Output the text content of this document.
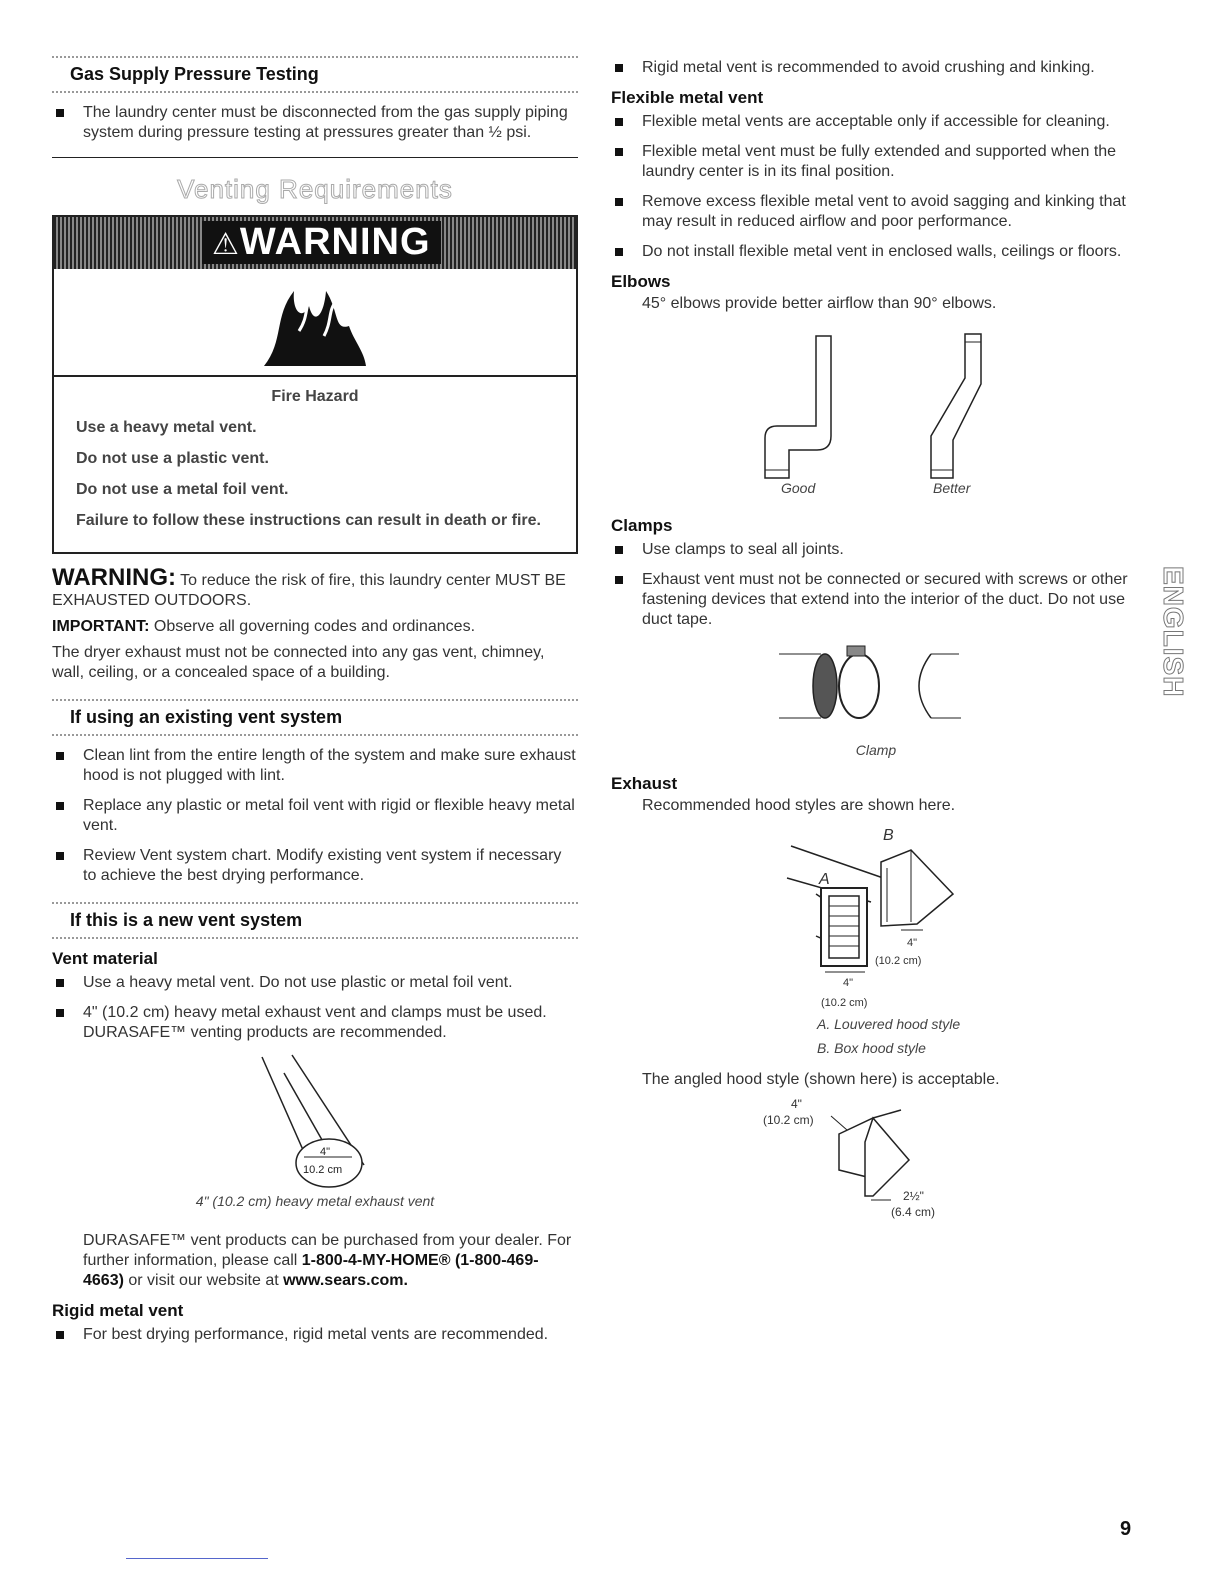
Gas Supply Pressure Testing
The laundry center must be disconnected from the gas supply piping system during pressure testing at pressures greater than ½ psi.
Venting Requirements
⚠WARNING
Fire Hazard
Use a heavy metal vent.
Do not use a plastic vent.
Do not use a metal foil vent.
Failure to follow these instructions can result in death or fire.
WARNING: To reduce the risk of fire, this laundry center MUST BE EXHAUSTED OUTDOORS.
IMPORTANT: Observe all governing codes and ordinances.
The dryer exhaust must not be connected into any gas vent, chimney, wall, ceiling, or a concealed space of a building.
If using an existing vent system
Clean lint from the entire length of the system and make sure exhaust hood is not plugged with lint.
Replace any plastic or metal foil vent with rigid or flexible heavy metal vent.
Review Vent system chart. Modify existing vent system if necessary to achieve the best drying performance.
If this is a new vent system
Vent material
Use a heavy metal vent. Do not use plastic or metal foil vent.
4" (10.2 cm) heavy metal exhaust vent and clamps must be used. DURASAFE™ venting products are recommended.
4"
10.2 cm
4" (10.2 cm) heavy metal exhaust vent
DURASAFE™ vent products can be purchased from your dealer. For further information, please call 1-800-4-MY-HOME® (1-800-469-4663) or visit our website at www.sears.com.
Rigid metal vent
For best drying performance, rigid metal vents are recommended.
Rigid metal vent is recommended to avoid crushing and kinking.
Flexible metal vent
Flexible metal vents are acceptable only if accessible for cleaning.
Flexible metal vent must be fully extended and supported when the laundry center is in its final position.
Remove excess flexible metal vent to avoid sagging and kinking that may result in reduced airflow and poor performance.
Do not install flexible metal vent in enclosed walls, ceilings or floors.
Elbows
45° elbows provide better airflow than 90° elbows.
Good	Better
Clamps
Use clamps to seal all joints.
Exhaust vent must not be connected or secured with screws or other fastening devices that extend into the interior of the duct. Do not use duct tape.
Clamp
Exhaust
Recommended hood styles are shown here.
B
A
4"
(10.2 cm)
4"
(10.2 cm)
A. Louvered hood style
B. Box hood style
The angled hood style (shown here) is acceptable.
4"
(10.2 cm)
2½"
(6.4 cm)
ENGLISH
9
